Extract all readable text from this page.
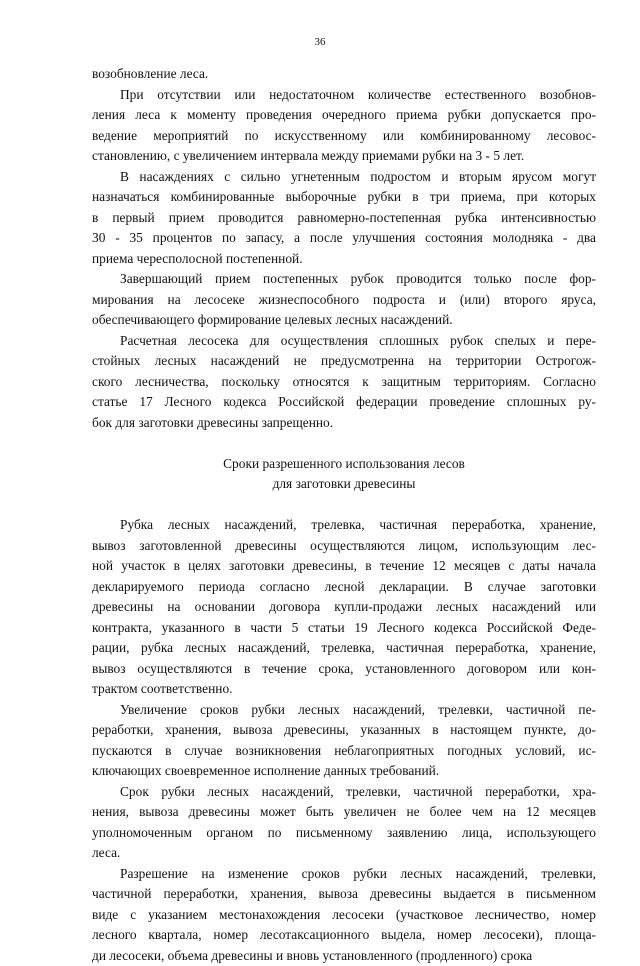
36
возобновление леса.
При отсутствии или недостаточном количестве естественного возобнов-
ления леса к моменту проведения очередного приема рубки допускается про-
ведение мероприятий по искусственному или комбинированному лесовос-
становлению, с увеличением интервала между приемами рубки на 3 - 5 лет.
В насаждениях с сильно угнетенным подростом и вторым ярусом могут
назначаться комбинированные выборочные рубки в три приема, при которых
в первый прием проводится равномерно-постепенная рубка интенсивностью
30 - 35 процентов по запасу, а после улучшения состояния молодняка - два
приема чересполосной постепенной.
Завершающий прием постепенных рубок проводится только после фор-
мирования на лесосеке жизнеспособного подроста и (или) второго яруса,
обеспечивающего формирование целевых лесных насаждений.
Расчетная лесосека для осуществления сплошных рубок спелых и пере-
стойных лесных насаждений не предусмотренна на территории Острогож-
ского лесничества, поскольку относятся к защитным территориям. Согласно
статье 17 Лесного кодекса Российской федерации проведение сплошных ру-
бок для заготовки древесины запрещенно.
Сроки разрешенного использования лесов
для заготовки древесины
Рубка лесных насаждений, трелевка, частичная переработка, хранение,
вывоз заготовленной древесины осуществляются лицом, использующим лес-
ной участок в целях заготовки древесины, в течение 12 месяцев с даты начала
декларируемого периода согласно лесной декларации. В случае заготовки
древесины на основании договора купли-продажи лесных насаждений или
контракта, указанного в части 5 статьи 19 Лесного кодекса Российской Феде-
рации, рубка лесных насаждений, трелевка, частичная переработка, хранение,
вывоз осуществляются в течение срока, установленного договором или кон-
трактом соответственно.
Увеличение сроков рубки лесных насаждений, трелевки, частичной пе-
реработки, хранения, вывоза древесины, указанных в настоящем пункте, до-
пускаются в случае возникновения неблагоприятных погодных условий, ис-
ключающих своевременное исполнение данных требований.
Срок рубки лесных насаждений, трелевки, частичной переработки, хра-
нения, вывоза древесины может быть увеличен не более чем на 12 месяцев
уполномоченным органом по письменному заявлению лица, использующего
леса.
Разрешение на изменение сроков рубки лесных насаждений, трелевки,
частичной переработки, хранения, вывоза древесины выдается в письменном
виде с указанием местонахождения лесосеки (участковое лесничество, номер
лесного квартала, номер лесотаксационного выдела, номер лесосеки), площа-
ди лесосеки, объема древесины и вновь установленного (продленного) срока
